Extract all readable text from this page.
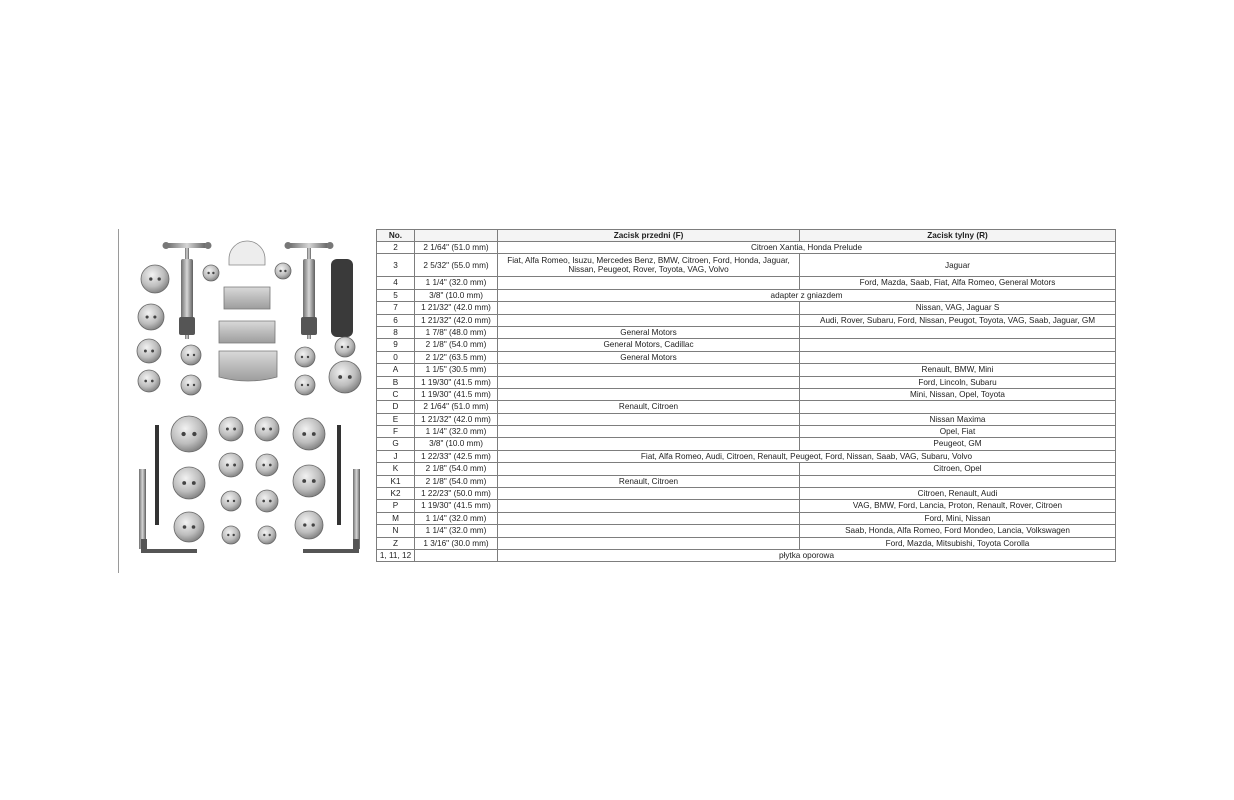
No.		Zacisk przedni (F)	Zacisk tylny (R)
2	2 1/64" (51.0 mm)	Citroen Xantia, Honda Prelude	
3	2 5/32" (55.0 mm)	Fiat, Alfa Romeo, Isuzu, Mercedes Benz, BMW, Citroen, Ford, Honda, Jaguar, Nissan, Peugeot, Rover, Toyota, VAG, Volvo	Jaguar
4	1 1/4" (32.0 mm)		Ford, Mazda, Saab, Fiat, Alfa Romeo, General Motors
5	3/8" (10.0 mm)	adapter z gniazdem	
7	1 21/32" (42.0 mm)		Nissan, VAG, Jaguar S
6	1 21/32" (42.0 mm)		Audi, Rover, Subaru, Ford, Nissan, Peugot, Toyota, VAG, Saab, Jaguar, GM
8	1 7/8" (48.0 mm)	General Motors	
9	2 1/8" (54.0 mm)	General Motors, Cadillac	
0	2 1/2" (63.5 mm)	General Motors	
A	1 1/5" (30.5 mm)		Renault, BMW, Mini
B	1 19/30" (41.5 mm)		Ford, Lincoln, Subaru
C	1 19/30" (41.5 mm)		Mini, Nissan, Opel, Toyota
D	2 1/64" (51.0 mm)	Renault, Citroen	
E	1 21/32" (42.0 mm)		Nissan Maxima
F	1 1/4" (32.0 mm)		Opel, Fiat
G	3/8" (10.0 mm)		Peugeot, GM
J	1 22/33" (42.5 mm)	Fiat, Alfa Romeo, Audi, Citroen, Renault, Peugeot, Ford, Nissan, Saab, VAG, Subaru, Volvo	
K	2 1/8" (54.0 mm)		Citroen, Opel
K1	2 1/8" (54.0 mm)	Renault, Citroen	
K2	1 22/23" (50.0 mm)		Citroen, Renault, Audi
P	1 19/30" (41.5 mm)		VAG, BMW, Ford, Lancia, Proton, Renault, Rover, Citroen
M	1 1/4" (32.0 mm)		Ford, Mini, Nissan
N	1 1/4" (32.0 mm)		Saab, Honda, Alfa Romeo, Ford Mondeo, Lancia, Volkswagen
Z	1 3/16" (30.0 mm)		Ford, Mazda, Mitsubishi, Toyota Corolla
1, 11, 12		płytka oporowa	
